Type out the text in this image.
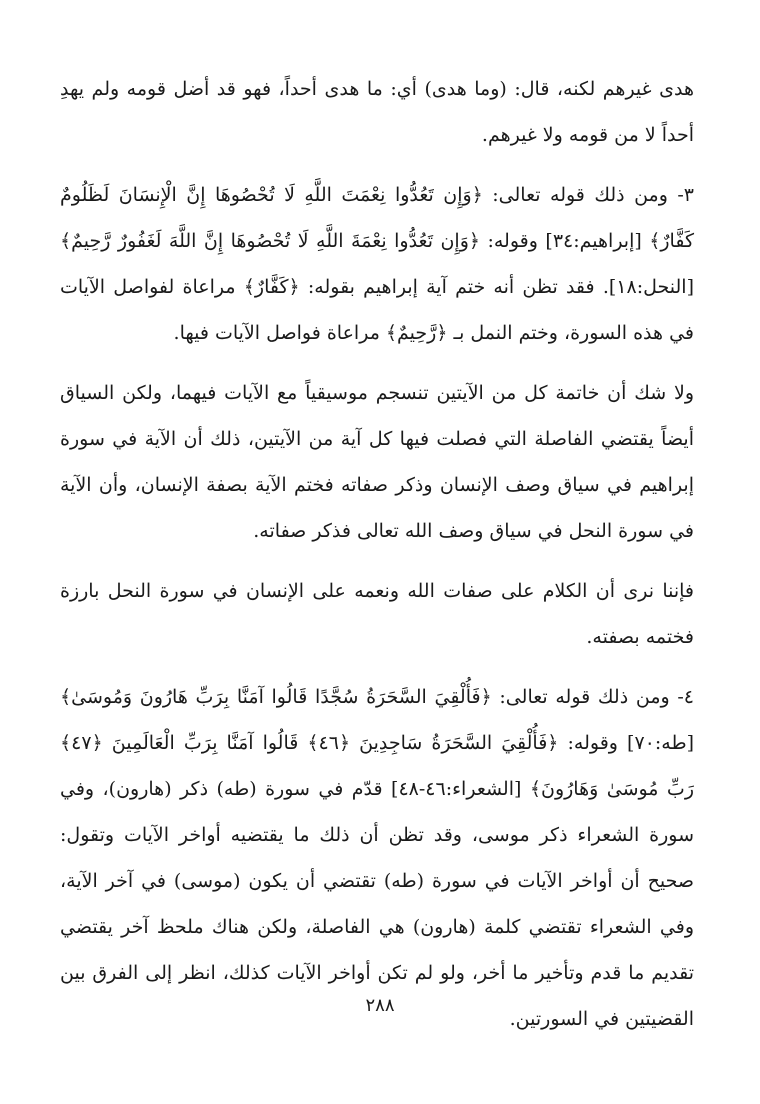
هدى غيرهم لكنه، قال: (وما هدى) أي: ما هدى أحداً، فهو قد أضل قومه ولم يهدِ أحداً لا من قومه ولا غيرهم.

٣- ومن ذلك قوله تعالى: ﴿وَإِن تَعُدُّوا نِعْمَتَ اللَّهِ لَا تُحْصُوهَا إِنَّ الْإِنسَانَ لَظَلُومٌ كَفَّارٌ﴾ [إبراهيم:٣٤] وقوله: ﴿وَإِن تَعُدُّوا نِعْمَةَ اللَّهِ لَا تُحْصُوهَا إِنَّ اللَّهَ لَغَفُورٌ رَّحِيمٌ﴾ [النحل:١٨]. فقد تظن أنه ختم آية إبراهيم بقوله: ﴿كَفَّارٌ﴾ مراعاة لفواصل الآيات في هذه السورة، وختم النمل بـ ﴿رَّحِيمٌ﴾ مراعاة فواصل الآيات فيها.

ولا شك أن خاتمة كل من الآيتين تنسجم موسيقياً مع الآيات فيهما، ولكن السياق أيضاً يقتضي الفاصلة التي فصلت فيها كل آية من الآيتين، ذلك أن الآية في سورة إبراهيم في سياق وصف الإنسان وذكر صفاته فختم الآية بصفة الإنسان، وأن الآية في سورة النحل في سياق وصف الله تعالى فذكر صفاته.

فإننا نرى أن الكلام على صفات الله ونعمه على الإنسان في سورة النحل بارزة فختمه بصفته.

٤- ومن ذلك قوله تعالى: ﴿فَأُلْقِيَ السَّحَرَةُ سُجَّدًا قَالُوا آمَنَّا بِرَبِّ هَارُونَ وَمُوسَىٰ﴾ [طه:٧٠] وقوله: ﴿فَأُلْقِيَ السَّحَرَةُ سَاجِدِينَ ﴿٤٦﴾ قَالُوا آمَنَّا بِرَبِّ الْعَالَمِينَ ﴿٤٧﴾ رَبِّ مُوسَىٰ وَهَارُونَ﴾ [الشعراء:٤٦-٤٨] قدّم في سورة (طه) ذكر (هارون)، وفي سورة الشعراء ذكر موسى، وقد تظن أن ذلك ما يقتضيه أواخر الآيات وتقول: صحيح أن أواخر الآيات في سورة (طه) تقتضي أن يكون (موسى) في آخر الآية، وفي الشعراء تقتضي كلمة (هارون) هي الفاصلة، ولكن هناك ملحظ آخر يقتضي تقديم ما قدم وتأخير ما أخر، ولو لم تكن أواخر الآيات كذلك، انظر إلى الفرق بين القضيتين في السورتين.

٢٨٨
